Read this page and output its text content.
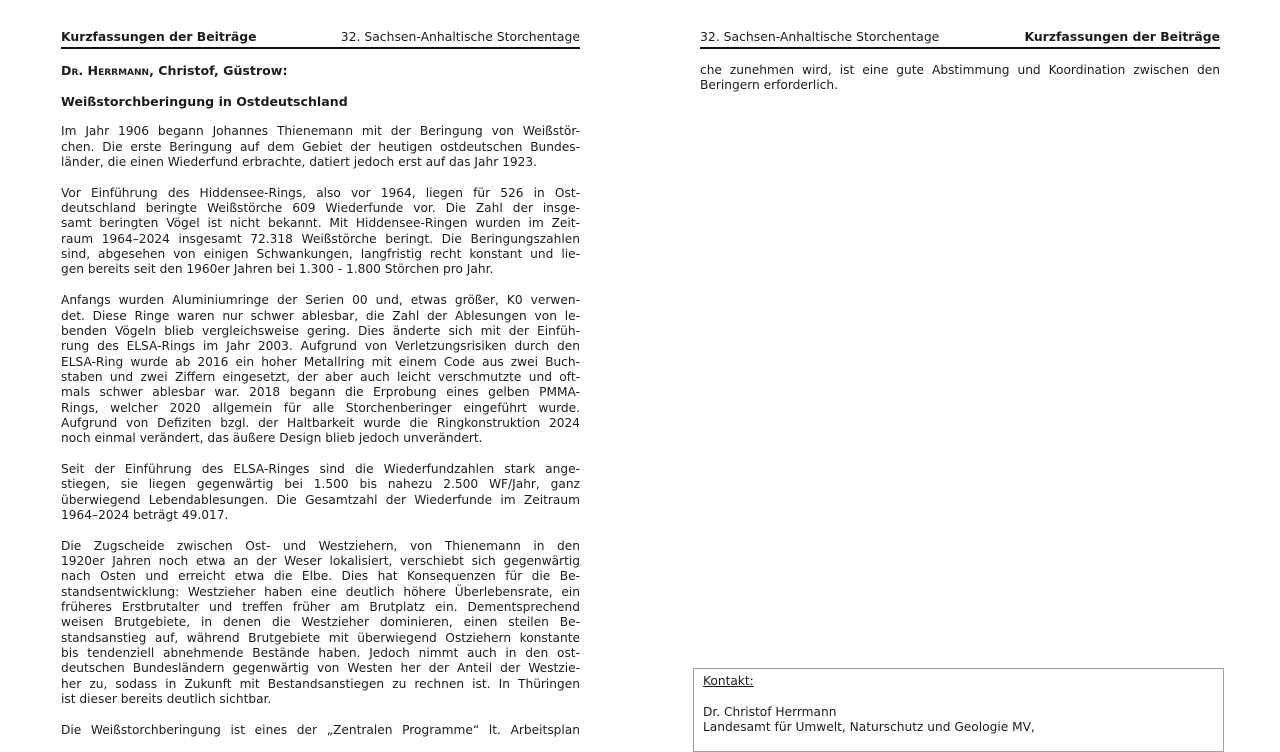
Kurzfassungen der Beiträge	32. Sachsen-Anhaltische Storchentage
Dr. Herrmann, Christof, Güstrow:
Weißstorchberingung in Ostdeutschland
Im Jahr 1906 begann Johannes Thienemann mit der Beringung von Weißstör-
chen. Die erste Beringung auf dem Gebiet der heutigen ostdeutschen Bundes-
länder, die einen Wiederfund erbrachte, datiert jedoch erst auf das Jahr 1923.
Vor Einführung des Hiddensee-Rings, also vor 1964, liegen für 526 in Ost-
deutschland beringte Weißstörche 609 Wiederfunde vor. Die Zahl der insge-
samt beringten Vögel ist nicht bekannt. Mit Hiddensee-Ringen wurden im Zeit-
raum 1964–2024 insgesamt 72.318 Weißstörche beringt. Die Beringungszahlen
sind, abgesehen von einigen Schwankungen, langfristig recht konstant und lie-
gen bereits seit den 1960er Jahren bei 1.300 - 1.800 Störchen pro Jahr.
Anfangs wurden Aluminiumringe der Serien 00 und, etwas größer, K0 verwen-
det. Diese Ringe waren nur schwer ablesbar, die Zahl der Ablesungen von le-
benden Vögeln blieb vergleichsweise gering. Dies änderte sich mit der Einfüh-
rung des ELSA-Rings im Jahr 2003. Aufgrund von Verletzungsrisiken durch den
ELSA-Ring wurde ab 2016 ein hoher Metallring mit einem Code aus zwei Buch-
staben und zwei Ziffern eingesetzt, der aber auch leicht verschmutzte und oft-
mals schwer ablesbar war. 2018 begann die Erprobung eines gelben PMMA-
Rings, welcher 2020 allgemein für alle Storchenberinger eingeführt wurde.
Aufgrund von Defiziten bzgl. der Haltbarkeit wurde die Ringkonstruktion 2024
noch einmal verändert, das äußere Design blieb jedoch unverändert.
Seit der Einführung des ELSA-Ringes sind die Wiederfundzahlen stark ange-
stiegen, sie liegen gegenwärtig bei 1.500 bis nahezu 2.500 WF/Jahr, ganz
überwiegend Lebendablesungen. Die Gesamtzahl der Wiederfunde im Zeitraum
1964–2024 beträgt 49.017.
Die Zugscheide zwischen Ost- und Westziehern, von Thienemann in den
1920er Jahren noch etwa an der Weser lokalisiert, verschiebt sich gegenwärtig
nach Osten und erreicht etwa die Elbe. Dies hat Konsequenzen für die Be-
standsentwicklung: Westzieher haben eine deutlich höhere Überlebensrate, ein
früheres Erstbrutalter und treffen früher am Brutplatz ein. Dementsprechend
weisen Brutgebiete, in denen die Westzieher dominieren, einen steilen Be-
standsanstieg auf, während Brutgebiete mit überwiegend Ostziehern konstante
bis tendenziell abnehmende Bestände haben. Jedoch nimmt auch in den ost-
deutschen Bundesländern gegenwärtig von Westen her der Anteil der Westzie-
her zu, sodass in Zukunft mit Bestandsanstiegen zu rechnen ist. In Thüringen
ist dieser bereits deutlich sichtbar.
Die Weißstorchberingung ist eines der „Zentralen Programme“ lt. Arbeitsplan
32. Sachsen-Anhaltische Storchentage	Kurzfassungen der Beiträge
che zunehmen wird, ist eine gute Abstimmung und Koordination zwischen den
Beringern erforderlich.
Kontakt:
Dr. Christof Herrmann
Landesamt für Umwelt, Naturschutz und Geologie MV,
